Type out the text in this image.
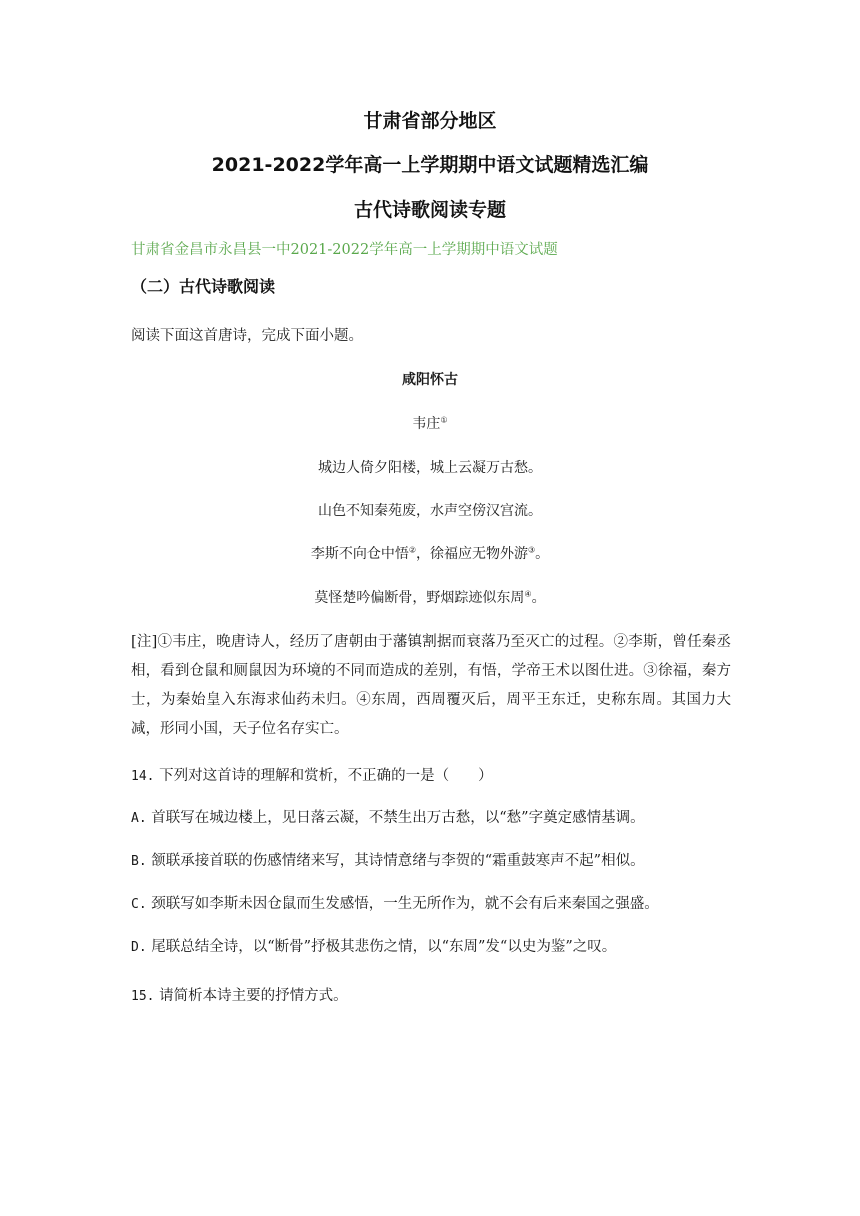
甘肃省部分地区
2021-2022学年高一上学期期中语文试题精选汇编
古代诗歌阅读专题
甘肃省金昌市永昌县一中2021-2022学年高一上学期期中语文试题
（二）古代诗歌阅读
阅读下面这首唐诗，完成下面小题。
咸阳怀古
韦庄①
城边人倚夕阳楼，城上云凝万古愁。
山色不知秦苑废，水声空傍汉宫流。
李斯不向仓中悟②，徐福应无物外游③。
莫怪楚吟偏断骨，野烟踪迹似东周④。
[注]①韦庄，晚唐诗人，经历了唐朝由于藩镇割据而衰落乃至灭亡的过程。②李斯，曾任秦丞相，看到仓鼠和厕鼠因为环境的不同而造成的差别，有悟，学帝王术以图仕进。③徐福，秦方士，为秦始皇入东海求仙药未归。④东周，西周覆灭后，周平王东迁，史称东周。其国力大减，形同小国，天子位名存实亡。
14. 下列对这首诗的理解和赏析，不正确的一是（　　）
A. 首联写在城边楼上，见日落云凝，不禁生出万古愁，以“愁”字奠定感情基调。
B. 颔联承接首联的伤感情绪来写，其诗情意绪与李贺的“霜重鼓寒声不起”相似。
C. 颈联写如李斯未因仓鼠而生发感悟，一生无所作为，就不会有后来秦国之强盛。
D. 尾联总结全诗，以“断骨”抒极其悲伤之情，以“东周”发“以史为鉴”之叹。
15. 请简析本诗主要的抒情方式。
